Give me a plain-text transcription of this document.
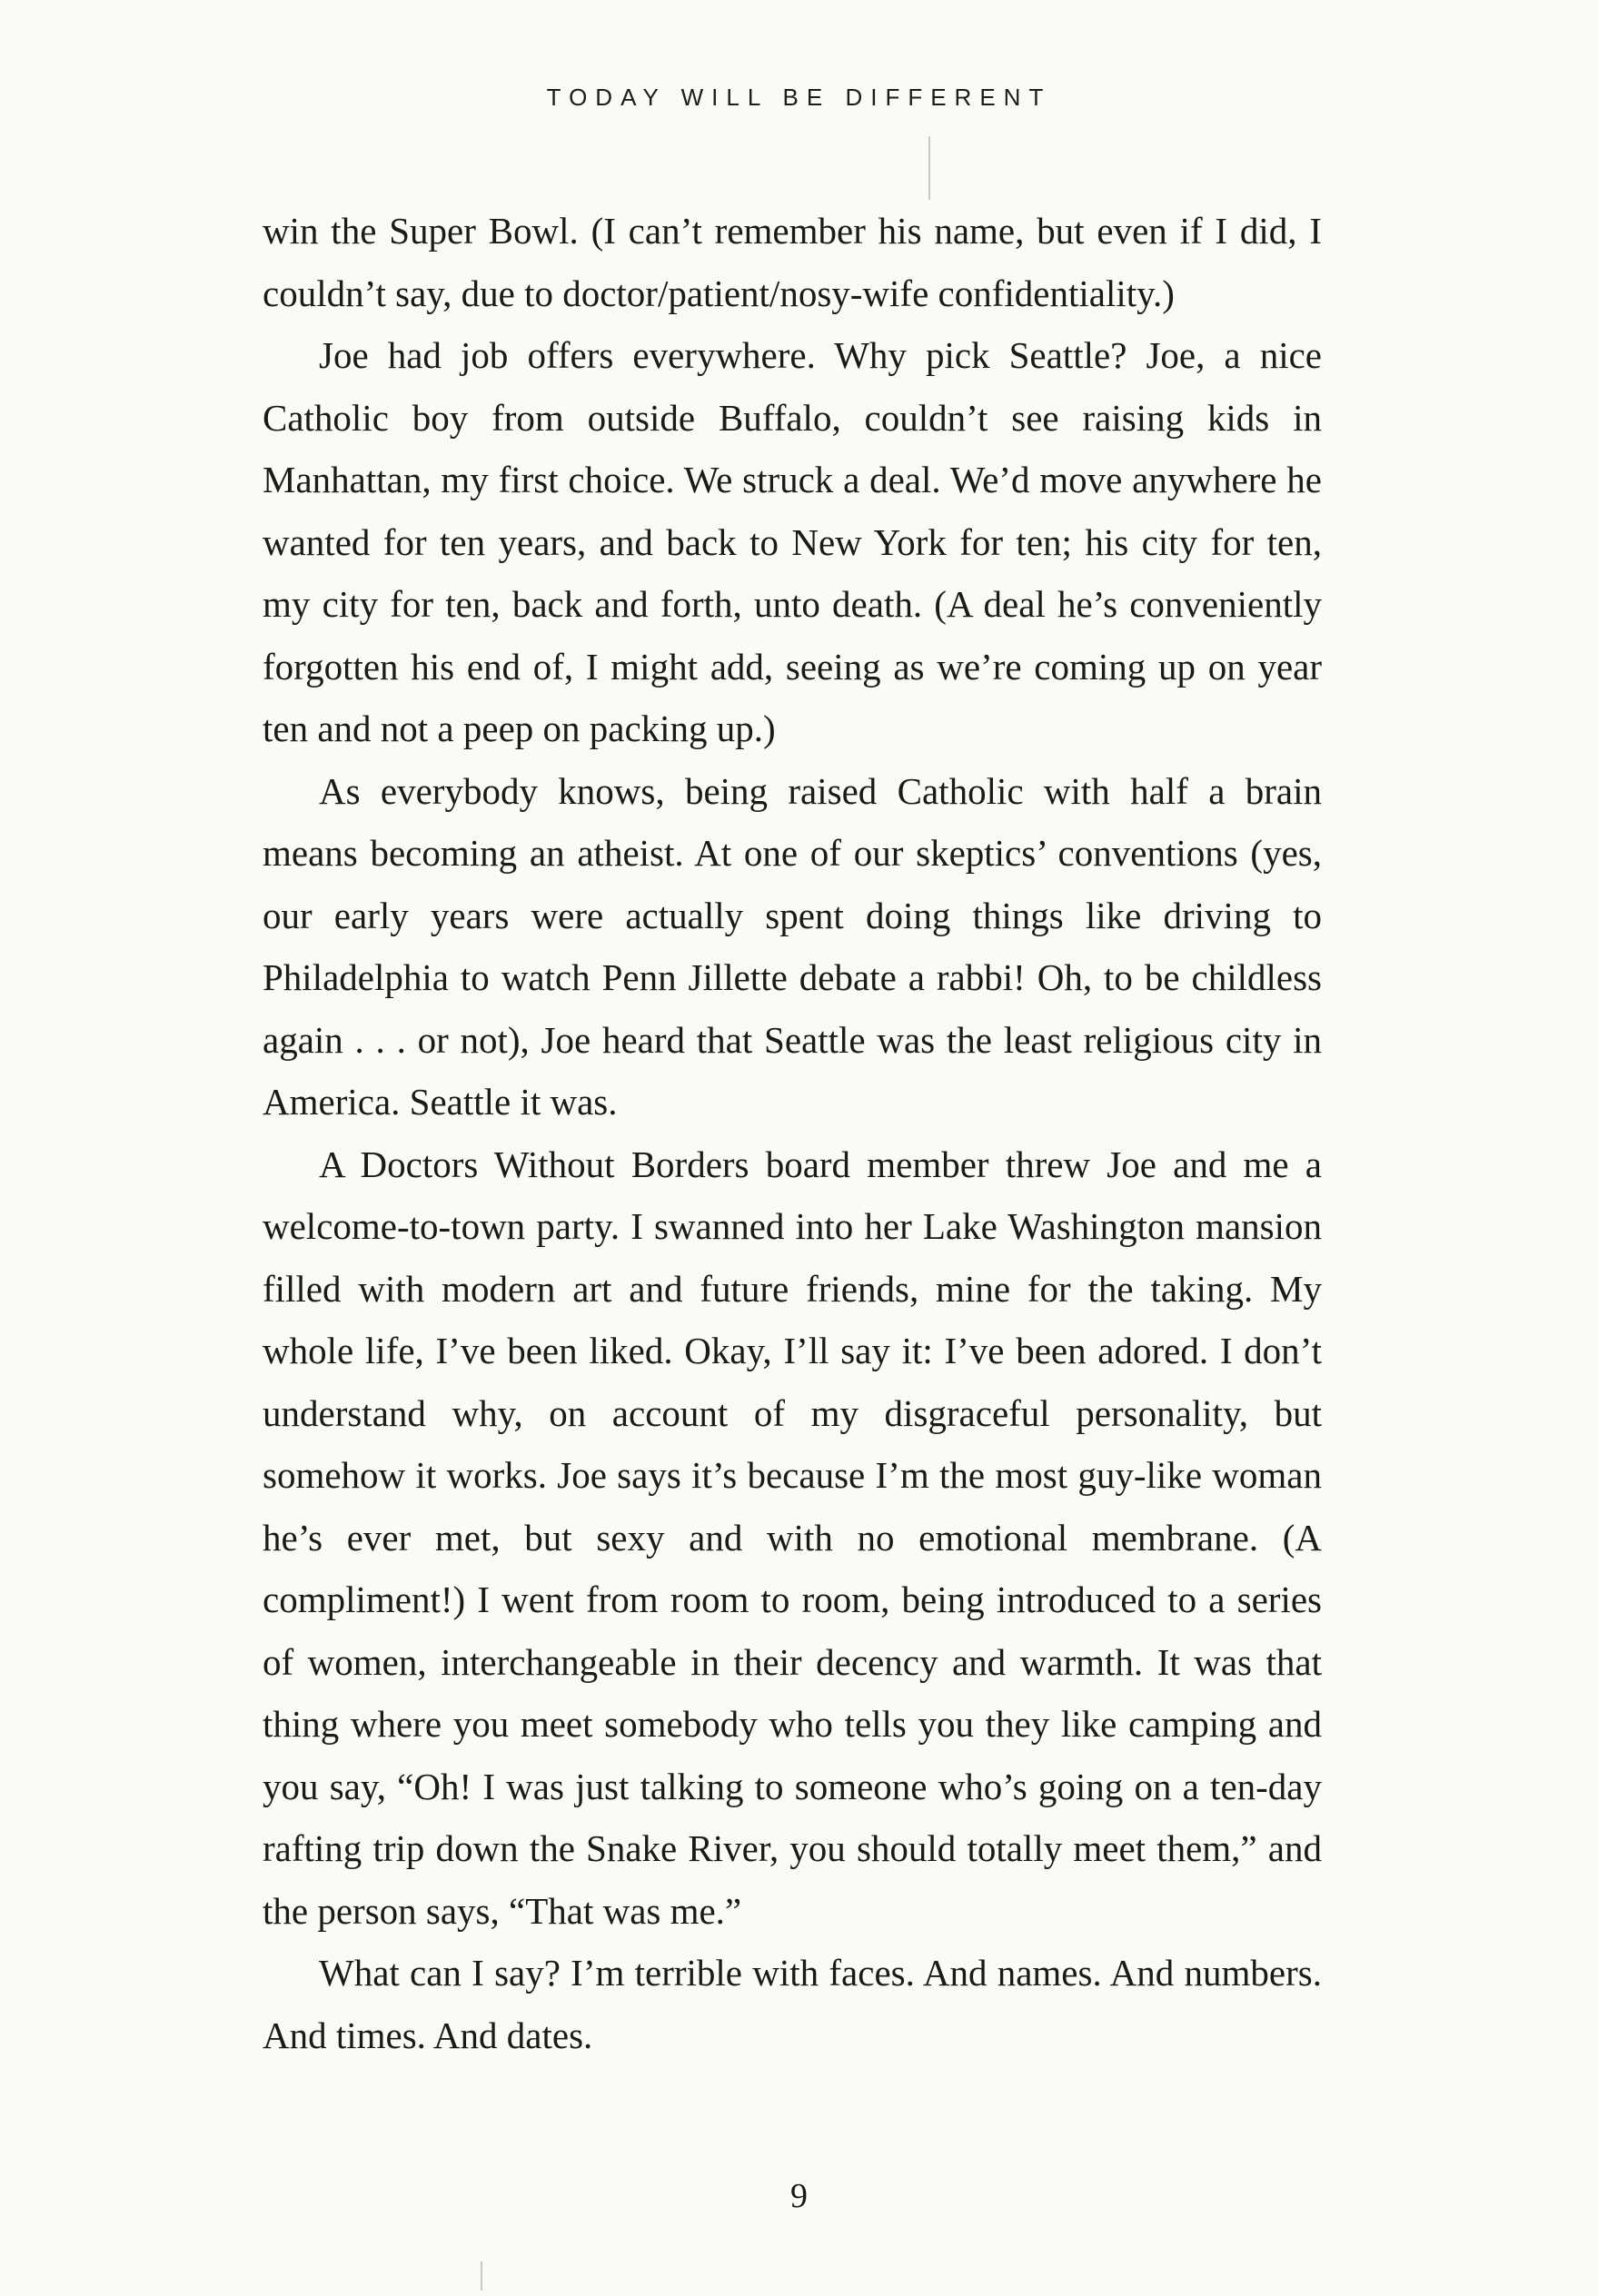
TODAY WILL BE DIFFERENT

win the Super Bowl. (I can’t remember his name, but even if I did, I couldn’t say, due to doctor/patient/nosy-wife confidentiality.)

Joe had job offers everywhere. Why pick Seattle? Joe, a nice Catholic boy from outside Buffalo, couldn’t see raising kids in Manhattan, my first choice. We struck a deal. We’d move anywhere he wanted for ten years, and back to New York for ten; his city for ten, my city for ten, back and forth, unto death. (A deal he’s conveniently forgotten his end of, I might add, seeing as we’re coming up on year ten and not a peep on packing up.)

As everybody knows, being raised Catholic with half a brain means becoming an atheist. At one of our skeptics’ conventions (yes, our early years were actually spent doing things like driving to Philadelphia to watch Penn Jillette debate a rabbi! Oh, to be childless again . . . or not), Joe heard that Seattle was the least religious city in America. Seattle it was.

A Doctors Without Borders board member threw Joe and me a welcome-to-town party. I swanned into her Lake Washington mansion filled with modern art and future friends, mine for the taking. My whole life, I’ve been liked. Okay, I’ll say it: I’ve been adored. I don’t understand why, on account of my disgraceful personality, but somehow it works. Joe says it’s because I’m the most guy-like woman he’s ever met, but sexy and with no emotional membrane. (A compliment!) I went from room to room, being introduced to a series of women, interchangeable in their decency and warmth. It was that thing where you meet somebody who tells you they like camping and you say, “Oh! I was just talking to someone who’s going on a ten-day rafting trip down the Snake River, you should totally meet them,” and the person says, “That was me.”

What can I say? I’m terrible with faces. And names. And numbers. And times. And dates.

9
